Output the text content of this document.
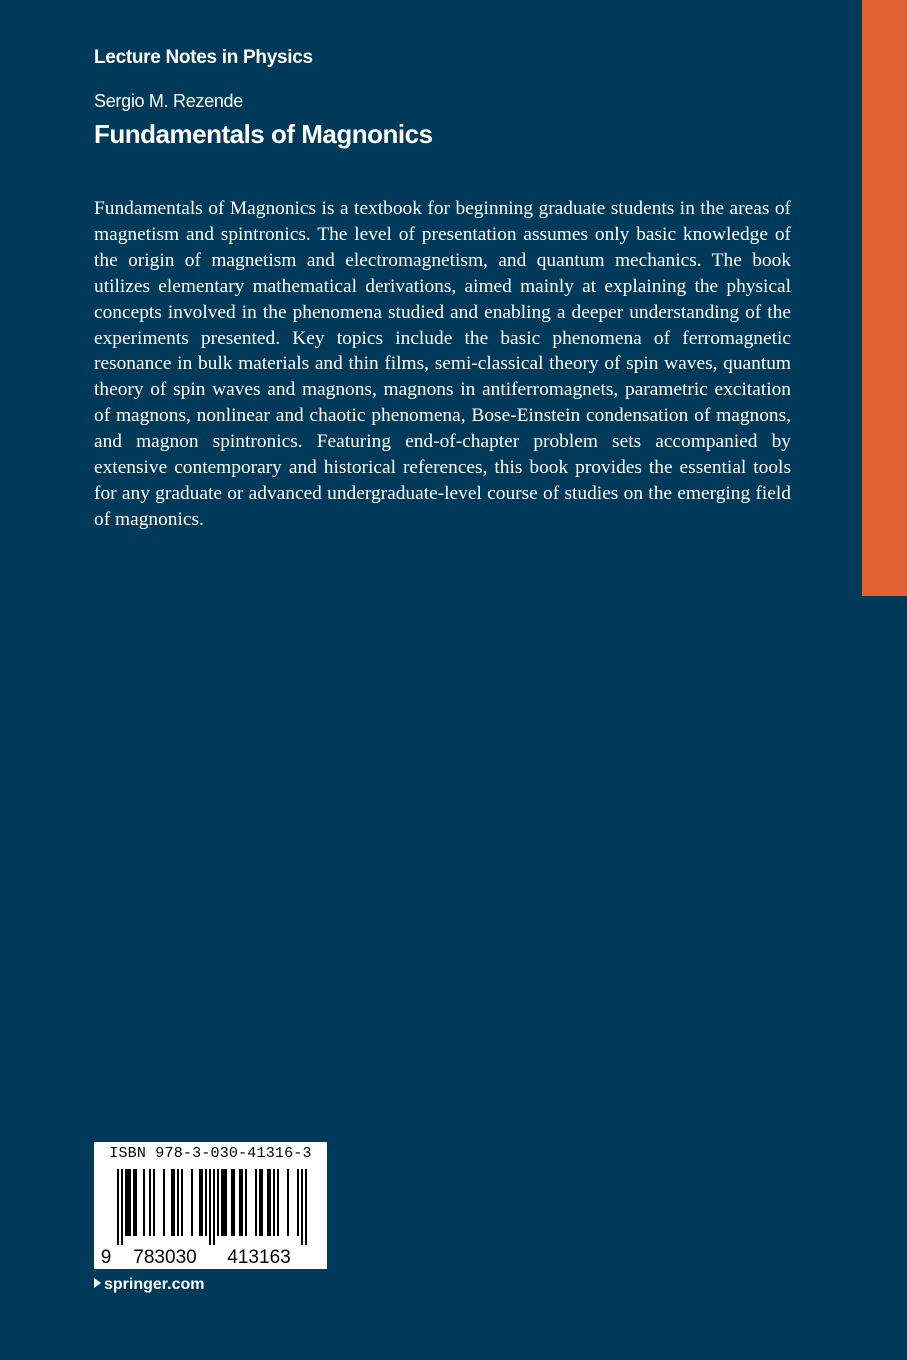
Lecture Notes in Physics
Sergio M. Rezende
Fundamentals of Magnonics

Fundamentals of Magnonics is a textbook for beginning graduate students in the areas of magnetism and spintronics. The level of presentation assumes only basic knowledge of the origin of magnetism and electromagnetism, and quantum mechanics. The book utilizes elementary mathematical derivations, aimed mainly at explaining the physical concepts involved in the phenomena studied and enabling a deeper understanding of the experiments presented. Key topics include the basic phenomena of ferromagnetic resonance in bulk materials and thin films, semi-classical theory of spin waves, quantum theory of spin waves and magnons, magnons in antiferromagnets, parametric excitation of magnons, nonlinear and chaotic phenomena, Bose-Einstein condensation of magnons, and magnon spintronics. Featuring end-of-chapter problem sets accompanied by extensive contemporary and historical references, this book provides the essential tools for any graduate or advanced undergraduate-level course of studies on the emerging field of magnonics.

ISBN 978-3-030-41316-3
9 783030 413163
springer.com
